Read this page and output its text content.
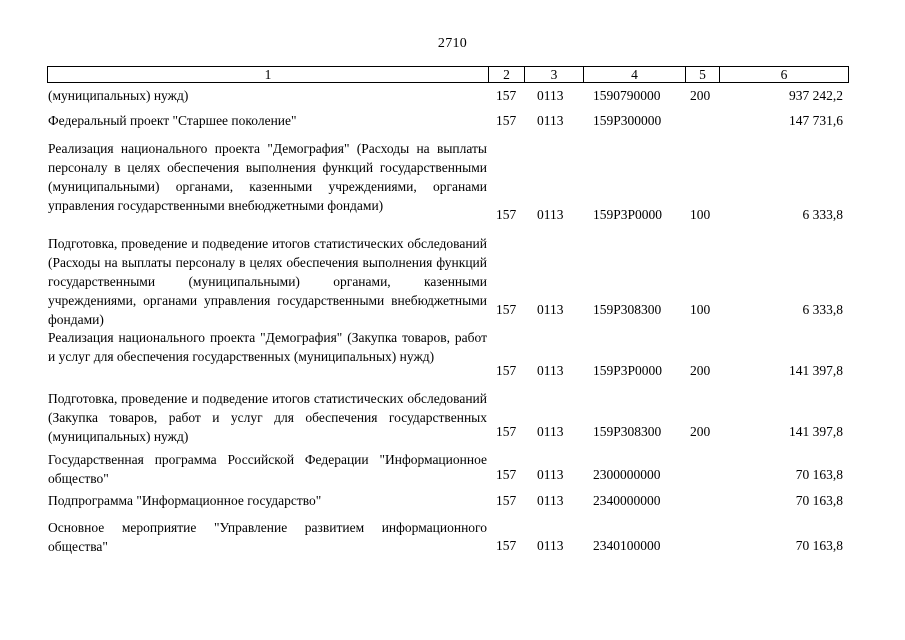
2710
1	2	3	4	5	6
(муниципальных) нужд)	157 0113 1590790000 200	937 242,2
Федеральный проект "Старшее поколение"	157 0113 159P300000	147 731,6
Реализация национального проекта "Демография" (Расходы на выплаты персоналу в целях обеспечения выполнения функций государственными (муниципальными) органами, казенными учреждениями, органами управления государственными внебюджетными фондами)
157 0113 159P3P0000 100	6 333,8
Подготовка, проведение и подведение итогов статистических обследований (Расходы на выплаты персоналу в целях обеспечения выполнения функций государственными (муниципальными) органами, казенными учреждениями, органами управления государственными внебюджетными фондами)
157 0113 159P308300 100	6 333,8
Реализация национального проекта "Демография" (Закупка товаров, работ и услуг для обеспечения государственных (муниципальных) нужд)
157 0113 159P3P0000 200	141 397,8
Подготовка, проведение и подведение итогов статистических обследований (Закупка товаров, работ и услуг для обеспечения государственных (муниципальных) нужд)	157 0113 159P308300 200	141 397,8
Государственная программа Российской Федерации "Информационное общество"	157 0113 2300000000	70 163,8
Подпрограмма "Информационное государство"	157 0113 2340000000	70 163,8
Основное мероприятие "Управление развитием информационного общества"	157 0113 2340100000	70 163,8
